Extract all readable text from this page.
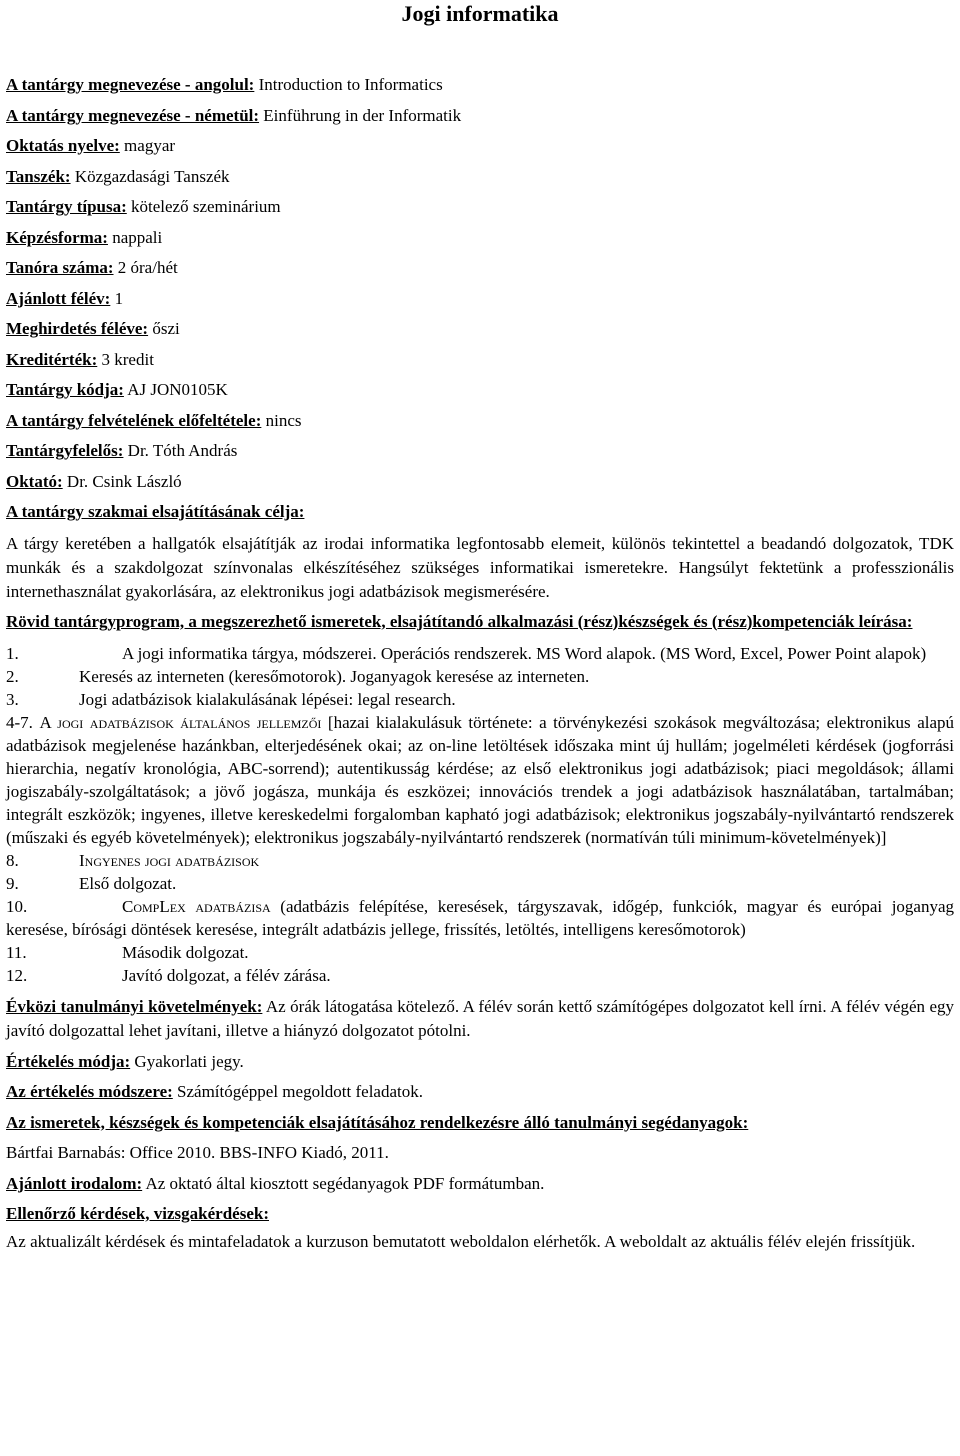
Jogi informatika

A tantárgy megnevezése - angolul: Introduction to Informatics

A tantárgy megnevezése - németül: Einführung in der Informatik

Oktatás nyelve: magyar

Tanszék: Közgazdasági Tanszék

Tantárgy típusa: kötelező szeminárium

Képzésforma: nappali

Tanóra száma: 2 óra/hét

Ajánlott félév: 1

Meghirdetés féléve: őszi

Kreditérték: 3 kredit

Tantárgy kódja: AJ JON0105K

A tantárgy felvételének előfeltétele: nincs

Tantárgyfelelős: Dr. Tóth András

Oktató: Dr. Csink László

A tantárgy szakmai elsajátításának célja:

A tárgy keretében a hallgatók elsajátítják az irodai informatika legfontosabb elemeit, különös tekintettel a beadandó dolgozatok, TDK munkák és a szakdolgozat színvonalas elkészítéséhez szükséges informatikai ismeretekre. Hangsúlyt fektetünk a professzionális internethasználat gyakorlására, az elektronikus jogi adatbázisok megismerésére.

Rövid tantárgyprogram, a megszerezhető ismeretek, elsajátítandó alkalmazási (rész)készségek és (rész)kompetenciák leírása:

1.	A jogi informatika tárgya, módszerei. Operációs rendszerek. MS Word alapok. (MS Word, Excel, Power Point alapok)

2.	Keresés az interneten (keresőmotorok). Joganyagok keresése az interneten.

3.	Jogi adatbázisok kialakulásának lépései: legal research.

4-7. A jogi adatbázisok általános jellemzői [hazai kialakulásuk története: a törvénykezési szokások megváltozása; elektronikus alapú adatbázisok megjelenése hazánkban, elterjedésének okai; az on-line letöltések időszaka mint új hullám; jogelméleti kérdések (jogforrási hierarchia, negatív kronológia, ABC-sorrend); autentikusság kérdése; az első elektronikus jogi adatbázisok; piaci megoldások; állami jogiszabály-szolgáltatások; a jövő jogásza, munkája és eszközei; innovációs trendek a jogi adatbázisok használatában, tartalmában; integrált eszközök; ingyenes, illetve kereskedelmi forgalomban kapható jogi adatbázisok; elektronikus jogszabály-nyilvántartó rendszerek (műszaki és egyéb követelmények); elektronikus jogszabály-nyilvántartó rendszerek (normatíván túli minimum-követelmények)]

8.	Ingyenes jogi adatbázisok

9.	Első dolgozat.

10.	CompLex adatbázisa (adatbázis felépítése, keresések, tárgyszavak, időgép, funkciók, magyar és európai joganyag keresése, bírósági döntések keresése, integrált adatbázis jellege, frissítés, letöltés, intelligens keresőmotorok)

11.	Második dolgozat.

12.	Javító dolgozat, a félév zárása.

Évközi tanulmányi követelmények: Az órák látogatása kötelező. A félév során kettő számítógépes dolgozatot kell írni. A félév végén egy javító dolgozattal lehet javítani, illetve a hiányzó dolgozatot pótolni.

Értékelés módja: Gyakorlati jegy.

Az értékelés módszere: Számítógéppel megoldott feladatok.

Az ismeretek, készségek és kompetenciák elsajátításához rendelkezésre álló tanulmányi segédanyagok:

Bártfai Barnabás: Office 2010. BBS-INFO Kiadó, 2011.

Ajánlott irodalom: Az oktató által kiosztott segédanyagok PDF formátumban.

Ellenőrző kérdések, vizsgakérdések:

Az aktualizált kérdések és mintafeladatok a kurzuson bemutatott weboldalon elérhetők. A weboldalt az aktuális félév elején frissítjük.
